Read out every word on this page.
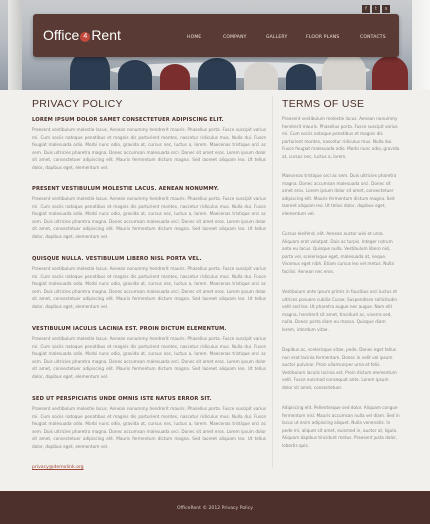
f	t	s
Office 4 Rent	HOME	COMPANY	GALLERY	FLOOR PLANS	CONTACTS
PRIVACY POLICY
LOREM IPSUM DOLOR SAMET CONSECTETUER ADIPISCING ELIT.
Praesent vestibulum molestie lacus. Aenean nonummy hendrerit mauris. Phasellus porta. Fusce suscipit varius mi. Cum sociis natoque penatibus et magnis dis parturient montes, nascetur ridiculus mus. Nulla dui. Fusce feugiat malesuada odio. Morbi nunc odio, gravida at, cursus nec, luctus a, lorem. Maecenas tristique orci ac sem. Duis ultricies pharetra magna. Donec accumsan malesuada orci. Donec sit amet eros. Lorem ipsum dolor sit amet, consectetuer adipiscing elit. Mauris fermentum dictum magna. Sed laoreet aliquam leo. Ut tellus dolor, dapibus eget, elementum vel.
PRESENT VESTIBULUM MOLESTIE LACUS. AENEAN NONUMMY.
Praesent vestibulum molestie lacus. Aenean nonummy hendrerit mauris. Phasellus porta. Fusce suscipit varius mi. Cum sociis natoque penatibus et magnis dis parturient montes, nascetur ridiculus mus. Nulla dui. Fusce feugiat malesuada odio. Morbi nunc odio, gravida at, cursus nec, luctus a, lorem. Maecenas tristique orci ac sem. Duis ultricies pharetra magna. Donec accumsan malesuada orci. Donec sit amet eros. Lorem ipsum dolor sit amet, consectetuer adipiscing elit. Mauris fermentum dictum magna. Sed laoreet aliquam leo. Ut tellus dolor, dapibus eget, elementum vel.
QUISQUE NULLA. VESTIBULUM LIBERO NISL PORTA VEL.
Praesent vestibulum molestie lacus. Aenean nonummy hendrerit mauris. Phasellus porta. Fusce suscipit varius mi. Cum sociis natoque penatibus et magnis dis parturient montes, nascetur ridiculus mus. Nulla dui. Fusce feugiat malesuada odio. Morbi nunc odio, gravida at, cursus nec, luctus a, lorem. Maecenas tristique orci ac sem. Duis ultricies pharetra magna. Donec accumsan malesuada orci. Donec sit amet eros. Lorem ipsum dolor sit amet, consectetuer adipiscing elit. Mauris fermentum dictum magna. Sed laoreet aliquam leo. Ut tellus dolor, dapibus eget, elementum vel.
VESTIBULUM IACULIS LACINIA EST. PROIN DICTUM ELEMENTUM.
Praesent vestibulum molestie lacus. Aenean nonummy hendrerit mauris. Phasellus porta. Fusce suscipit varius mi. Cum sociis natoque penatibus et magnis dis parturient montes, nascetur ridiculus mus. Nulla dui. Fusce feugiat malesuada odio. Morbi nunc odio, gravida at, cursus nec, luctus a, lorem. Maecenas tristique orci ac sem. Duis ultricies pharetra magna. Donec accumsan malesuada orci. Donec sit amet eros. Lorem ipsum dolor sit amet, consectetuer adipiscing elit. Mauris fermentum dictum magna. Sed laoreet aliquam leo. Ut tellus dolor, dapibus eget, elementum vel.
SED UT PERSPICIATIS UNDE OMNIS ISTE NATUS ERROR SIT.
Praesent vestibulum molestie lacus. Aenean nonummy hendrerit mauris. Phasellus porta. Fusce suscipit varius mi. Cum sociis natoque penatibus et magnis dis parturient montes, nascetur ridiculus mus. Nulla dui. Fusce feugiat malesuada odio. Morbi nunc odio, gravida at, cursus nec, luctus a, lorem. Maecenas tristique orci ac sem. Duis ultricies pharetra magna. Donec accumsan malesuada orci. Donec sit amet eros. Lorem ipsum dolor sit amet, consectetuer adipiscing elit. Mauris fermentum dictum magna. Sed laoreet aliquam leo. Ut tellus dolor, dapibus eget, elementum vel.
privacy@demolink.org
TERMS OF USE
Praesent vestibulum molestie lacus. Aenean nonummy hendrerit mauris. Phasellus porta. Fusce suscipit varius mi. Cum sociis natoque penatibus et magnis dis parturient montes, nascetur ridiculus mus. Nulla dui. Fusce feugiat malesuada odio. Morbi nunc odio, gravida at, cursus nec, luctus a, lorem.
Maecenas tristique orci ac sem. Duis ultricies pharetra magna. Donec accumsan malesuada orci. Donec sit amet eros. Lorem ipsum dolor sit amet, consectetuer adipiscing elit. Mauris fermentum dictum magna. Sed laoreet aliquam leo. Ut tellus dolor, dapibus eget, elementum vel.
Cursus eleifend, elit. Aenean auctor wisi et urna. Aliquam erat volutpat. Duis ac turpis. Integer rutrum ante eu lacus. Quisque nulla. Vestibulum libero nisl, porta vel, scelerisque eget, malesuada at, neque. Vivamus eget nibh. Etiam cursus leo vel metus. Nulla facilisi. Aenean nec eros.
Vestibulum ante ipsum primis in faucibus orci luctus et ultrices posuere cubilia Curae; Suspendisse sollicitudin velit sed leo. Ut pharetra augue nec augue. Nam elit magna, hendrerit sit amet, tincidunt ac, viverra sed, nulla. Donec porta diam eu massa. Quisque diam lorem, interdum vitae.
Dapibus ac, scelerisque vitae, pede. Donec eget tellus non erat lacinia fermentum. Donec in velit vel ipsum auctor pulvinar. Proin ullamcorper urna et felis. Vestibulum iaculis lacinia est. Proin dictum elementum velit. Fusce euismod consequat ante. Lorem ipsum dolor sit amet, consectetuer.
Adipiscing elit. Pellentesque sed dolor. Aliquam congue fermentum nisl. Mauris accumsan nulla vel diam. Sed in lacus ut enim adipiscing aliquet. Nulla venenatis. In pede mi, aliquet sit amet, euismod in, auctor ut, ligula. Aliquam dapibus tincidunt metus. Praesent justo dolor, lobortis quis.
OfficeRent © 2012 Privacy Policy
